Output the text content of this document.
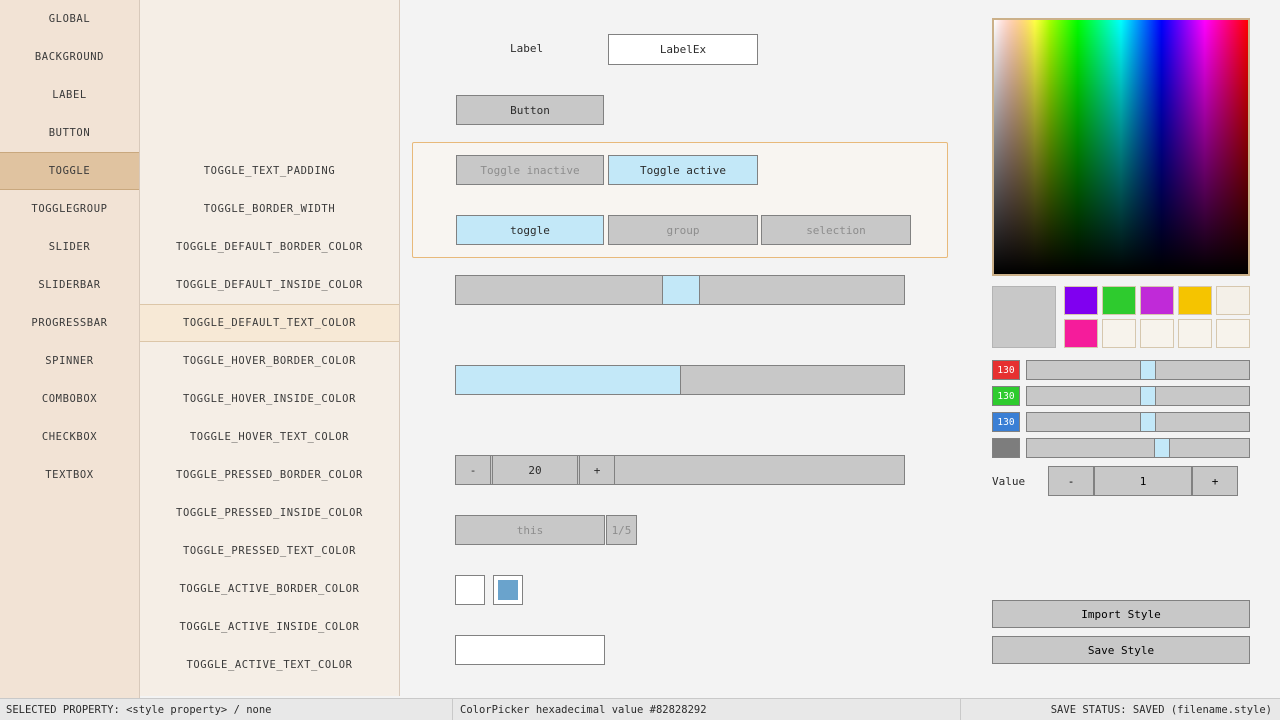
GLOBAL
BACKGROUND
LABEL
BUTTON
TOGGLE
TOGGLEGROUP
SLIDER
SLIDERBAR
PROGRESSBAR
SPINNER
COMBOBOX
CHECKBOX
TEXTBOX
TOGGLE_TEXT_PADDING
TOGGLE_BORDER_WIDTH
TOGGLE_DEFAULT_BORDER_COLOR
TOGGLE_DEFAULT_INSIDE_COLOR
TOGGLE_DEFAULT_TEXT_COLOR
TOGGLE_HOVER_BORDER_COLOR
TOGGLE_HOVER_INSIDE_COLOR
TOGGLE_HOVER_TEXT_COLOR
TOGGLE_PRESSED_BORDER_COLOR
TOGGLE_PRESSED_INSIDE_COLOR
TOGGLE_PRESSED_TEXT_COLOR
TOGGLE_ACTIVE_BORDER_COLOR
TOGGLE_ACTIVE_INSIDE_COLOR
TOGGLE_ACTIVE_TEXT_COLOR
Label	LabelEx
Button
Toggle inactive	Toggle active
toggle	group	selection
-	20	+
this	1/5
130
130
130
Value	-	1	+
Import Style
Save Style
SELECTED PROPERTY: <style property> / none	ColorPicker hexadecimal value #82828292	SAVE STATUS: SAVED (filename.style)
